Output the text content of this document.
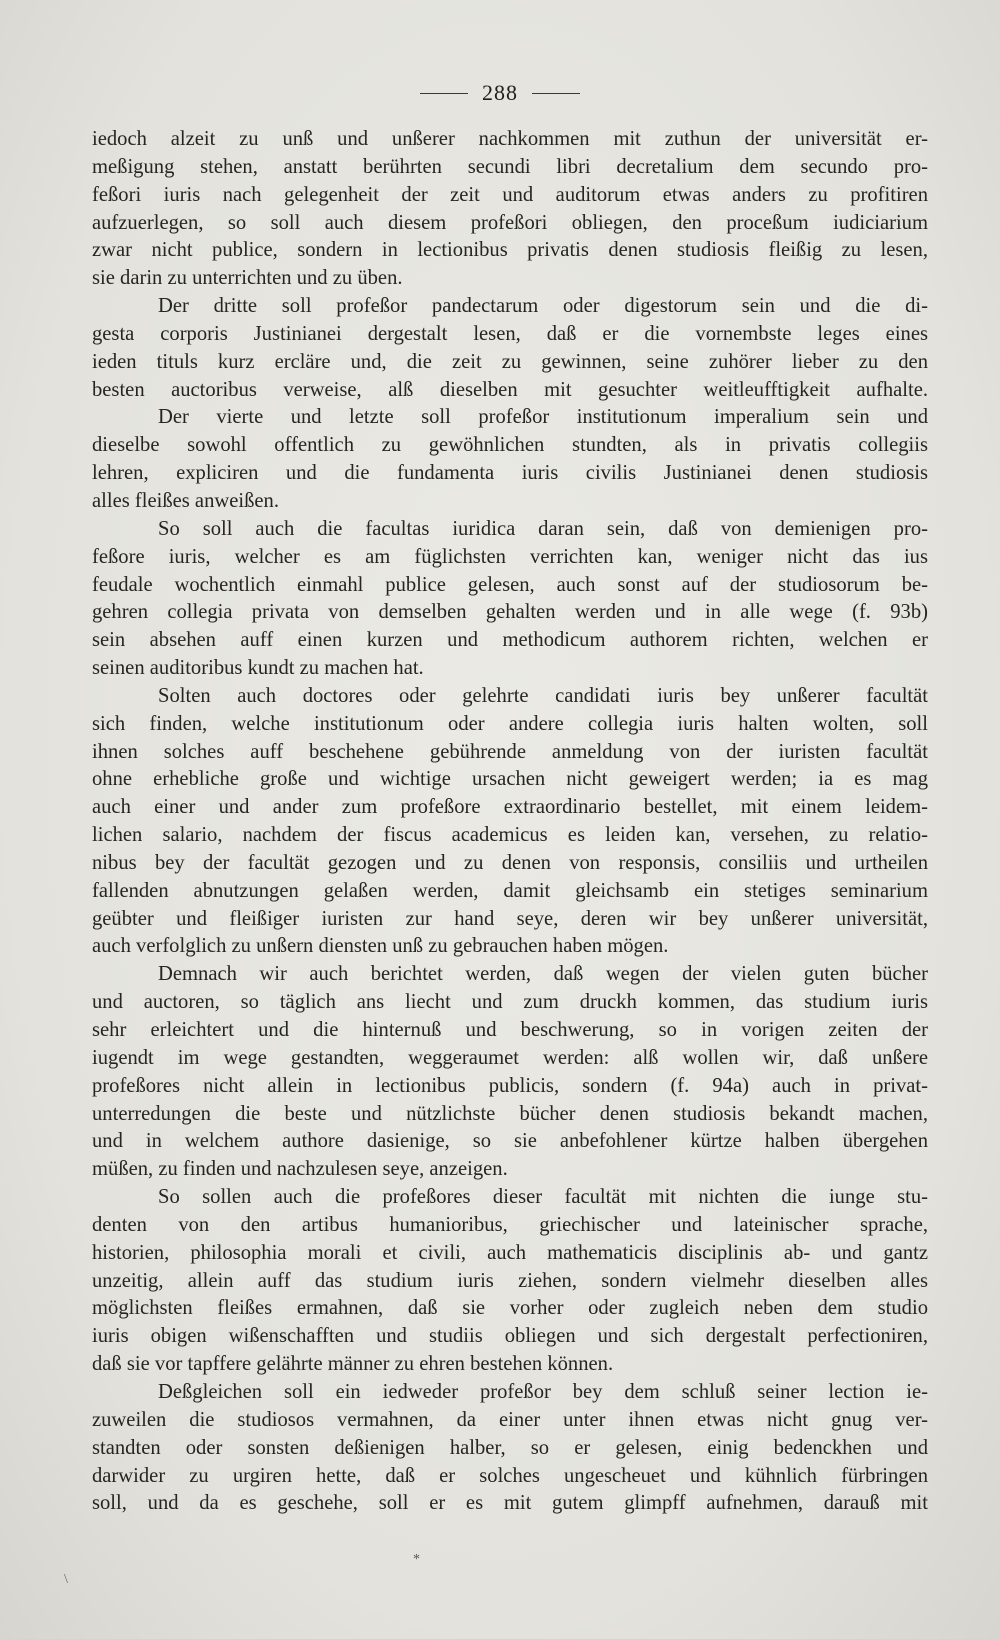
288
iedoch alzeit zu unß und unßerer nachkommen mit zuthun der universität er-
meßigung stehen, anstatt berührten secundi libri decretalium dem secundo pro-
feßori iuris nach gelegenheit der zeit und auditorum etwas anders zu profitiren
aufzuerlegen, so soll auch diesem profeßori obliegen, den proceßum iudiciarium
zwar nicht publice, sondern in lectionibus privatis denen studiosis fleißig zu lesen,
sie darin zu unterrichten und zu üben.
Der dritte soll profeßor pandectarum oder digestorum sein und die di-
gesta corporis Justinianei dergestalt lesen, daß er die vornembste leges eines
ieden tituls kurz ercläre und, die zeit zu gewinnen, seine zuhörer lieber zu den
besten auctoribus verweise, alß dieselben mit gesuchter weitleufftigkeit aufhalte.
Der vierte und letzte soll profeßor institutionum imperalium sein und
dieselbe sowohl offentlich zu gewöhnlichen stundten, als in privatis collegiis
lehren, expliciren und die fundamenta iuris civilis Justinianei denen studiosis
alles fleißes anweißen.
So soll auch die facultas iuridica daran sein, daß von demienigen pro-
feßore iuris, welcher es am füglichsten verrichten kan, weniger nicht das ius
feudale wochentlich einmahl publice gelesen, auch sonst auf der studiosorum be-
gehren collegia privata von demselben gehalten werden und in alle wege (f. 93b)
sein absehen auff einen kurzen und methodicum authorem richten, welchen er
seinen auditoribus kundt zu machen hat.
Solten auch doctores oder gelehrte candidati iuris bey unßerer facultät
sich finden, welche institutionum oder andere collegia iuris halten wolten, soll
ihnen solches auff beschehene gebührende anmeldung von der iuristen facultät
ohne erhebliche große und wichtige ursachen nicht geweigert werden; ia es mag
auch einer und ander zum profeßore extraordinario bestellet, mit einem leidem-
lichen salario, nachdem der fiscus academicus es leiden kan, versehen, zu relatio-
nibus bey der facultät gezogen und zu denen von responsis, consiliis und urtheilen
fallenden abnutzungen gelaßen werden, damit gleichsamb ein stetiges seminarium
geübter und fleißiger iuristen zur hand seye, deren wir bey unßerer universität,
auch verfolglich zu unßern diensten unß zu gebrauchen haben mögen.
Demnach wir auch berichtet werden, daß wegen der vielen guten bücher
und auctoren, so täglich ans liecht und zum druckh kommen, das studium iuris
sehr erleichtert und die hinternuß und beschwerung, so in vorigen zeiten der
iugendt im wege gestandten, weggeraumet werden: alß wollen wir, daß unßere
profeßores nicht allein in lectionibus publicis, sondern (f. 94a) auch in privat-
unterredungen die beste und nützlichste bücher denen studiosis bekandt machen,
und in welchem authore dasienige, so sie anbefohlener kürtze halben übergehen
müßen, zu finden und nachzulesen seye, anzeigen.
So sollen auch die profeßores dieser facultät mit nichten die iunge stu-
denten von den artibus humanioribus, griechischer und lateinischer sprache,
historien, philosophia morali et civili, auch mathematicis disciplinis ab- und gantz
unzeitig, allein auff das studium iuris ziehen, sondern vielmehr dieselben alles
möglichsten fleißes ermahnen, daß sie vorher oder zugleich neben dem studio
iuris obigen wißenschafften und studiis obliegen und sich dergestalt perfectioniren,
daß sie vor tapffere gelährte männer zu ehren bestehen können.
Deßgleichen soll ein iedweder profeßor bey dem schluß seiner lection ie-
zuweilen die studiosos vermahnen, da einer unter ihnen etwas nicht gnug ver-
standten oder sonsten deßienigen halber, so er gelesen, einig bedenckhen und
darwider zu urgiren hette, daß er solches ungescheuet und kühnlich fürbringen
soll, und da es geschehe, soll er es mit gutem glimpff aufnehmen, darauß mit
*
\
